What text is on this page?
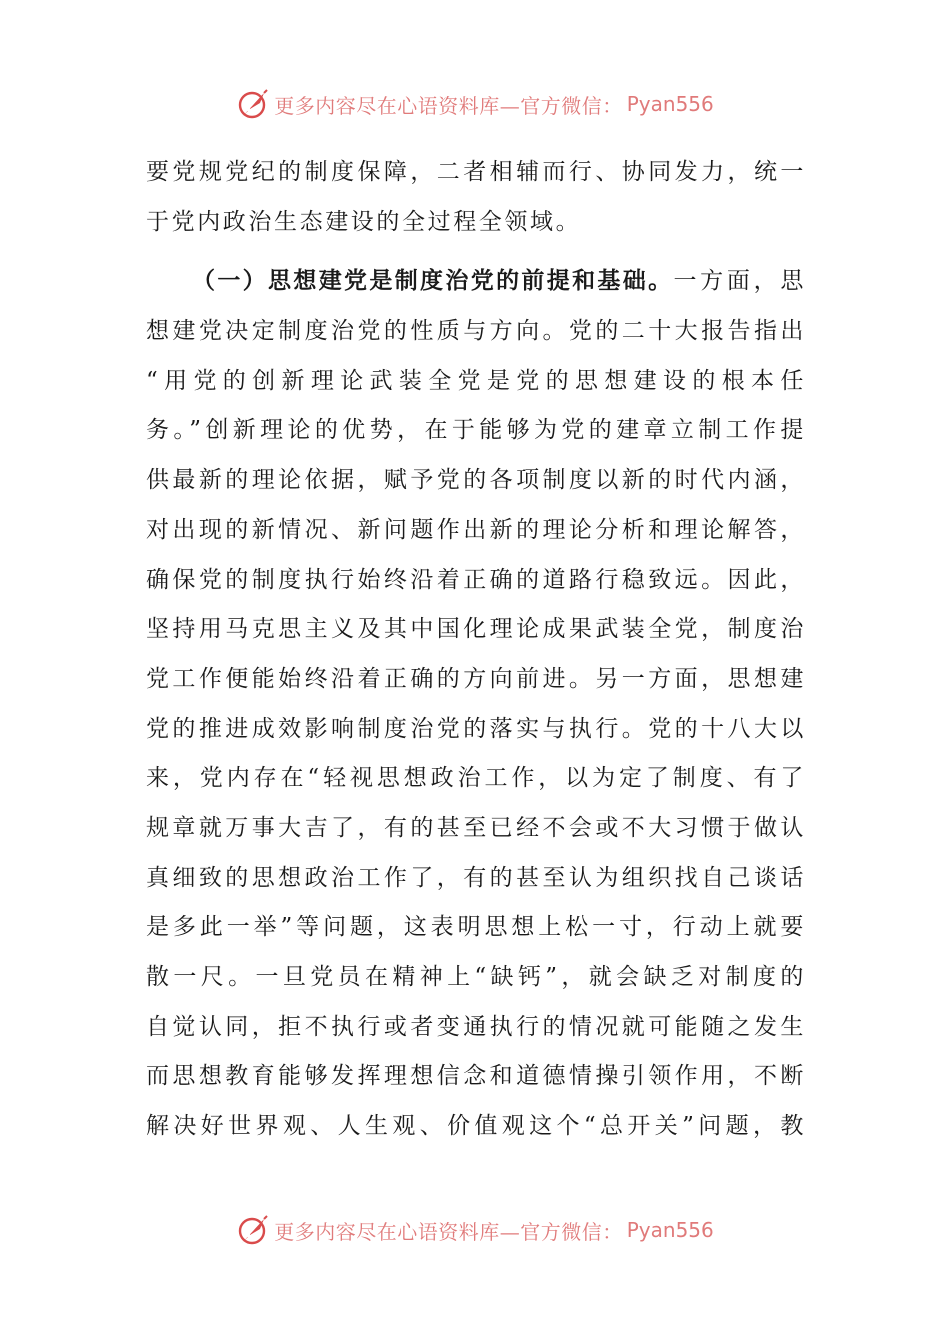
更多内容尽在心语资料库—官方微信： Pyan556
要党规党纪的制度保障，二者相辅而行、协同发力，统一
于党内政治生态建设的全过程全领域。
（一）思想建党是制度治党的前提和基础。一方面，思
想建党决定制度治党的性质与方向。党的二十大报告指出
“用党的创新理论武装全党是党的思想建设的根本任
务。”创新理论的优势，在于能够为党的建章立制工作提
供最新的理论依据，赋予党的各项制度以新的时代内涵，
对出现的新情况、新问题作出新的理论分析和理论解答，
确保党的制度执行始终沿着正确的道路行稳致远。因此，
坚持用马克思主义及其中国化理论成果武装全党，制度治
党工作便能始终沿着正确的方向前进。另一方面，思想建
党的推进成效影响制度治党的落实与执行。党的十八大以
来，党内存在“轻视思想政治工作，以为定了制度、有了
规章就万事大吉了，有的甚至已经不会或不大习惯于做认
真细致的思想政治工作了，有的甚至认为组织找自己谈话
是多此一举”等问题，这表明思想上松一寸，行动上就要
散一尺。一旦党员在精神上“缺钙”，就会缺乏对制度的
自觉认同，拒不执行或者变通执行的情况就可能随之发生
而思想教育能够发挥理想信念和道德情操引领作用，不断
解决好世界观、人生观、价值观这个“总开关”问题，教
更多内容尽在心语资料库—官方微信： Pyan556
